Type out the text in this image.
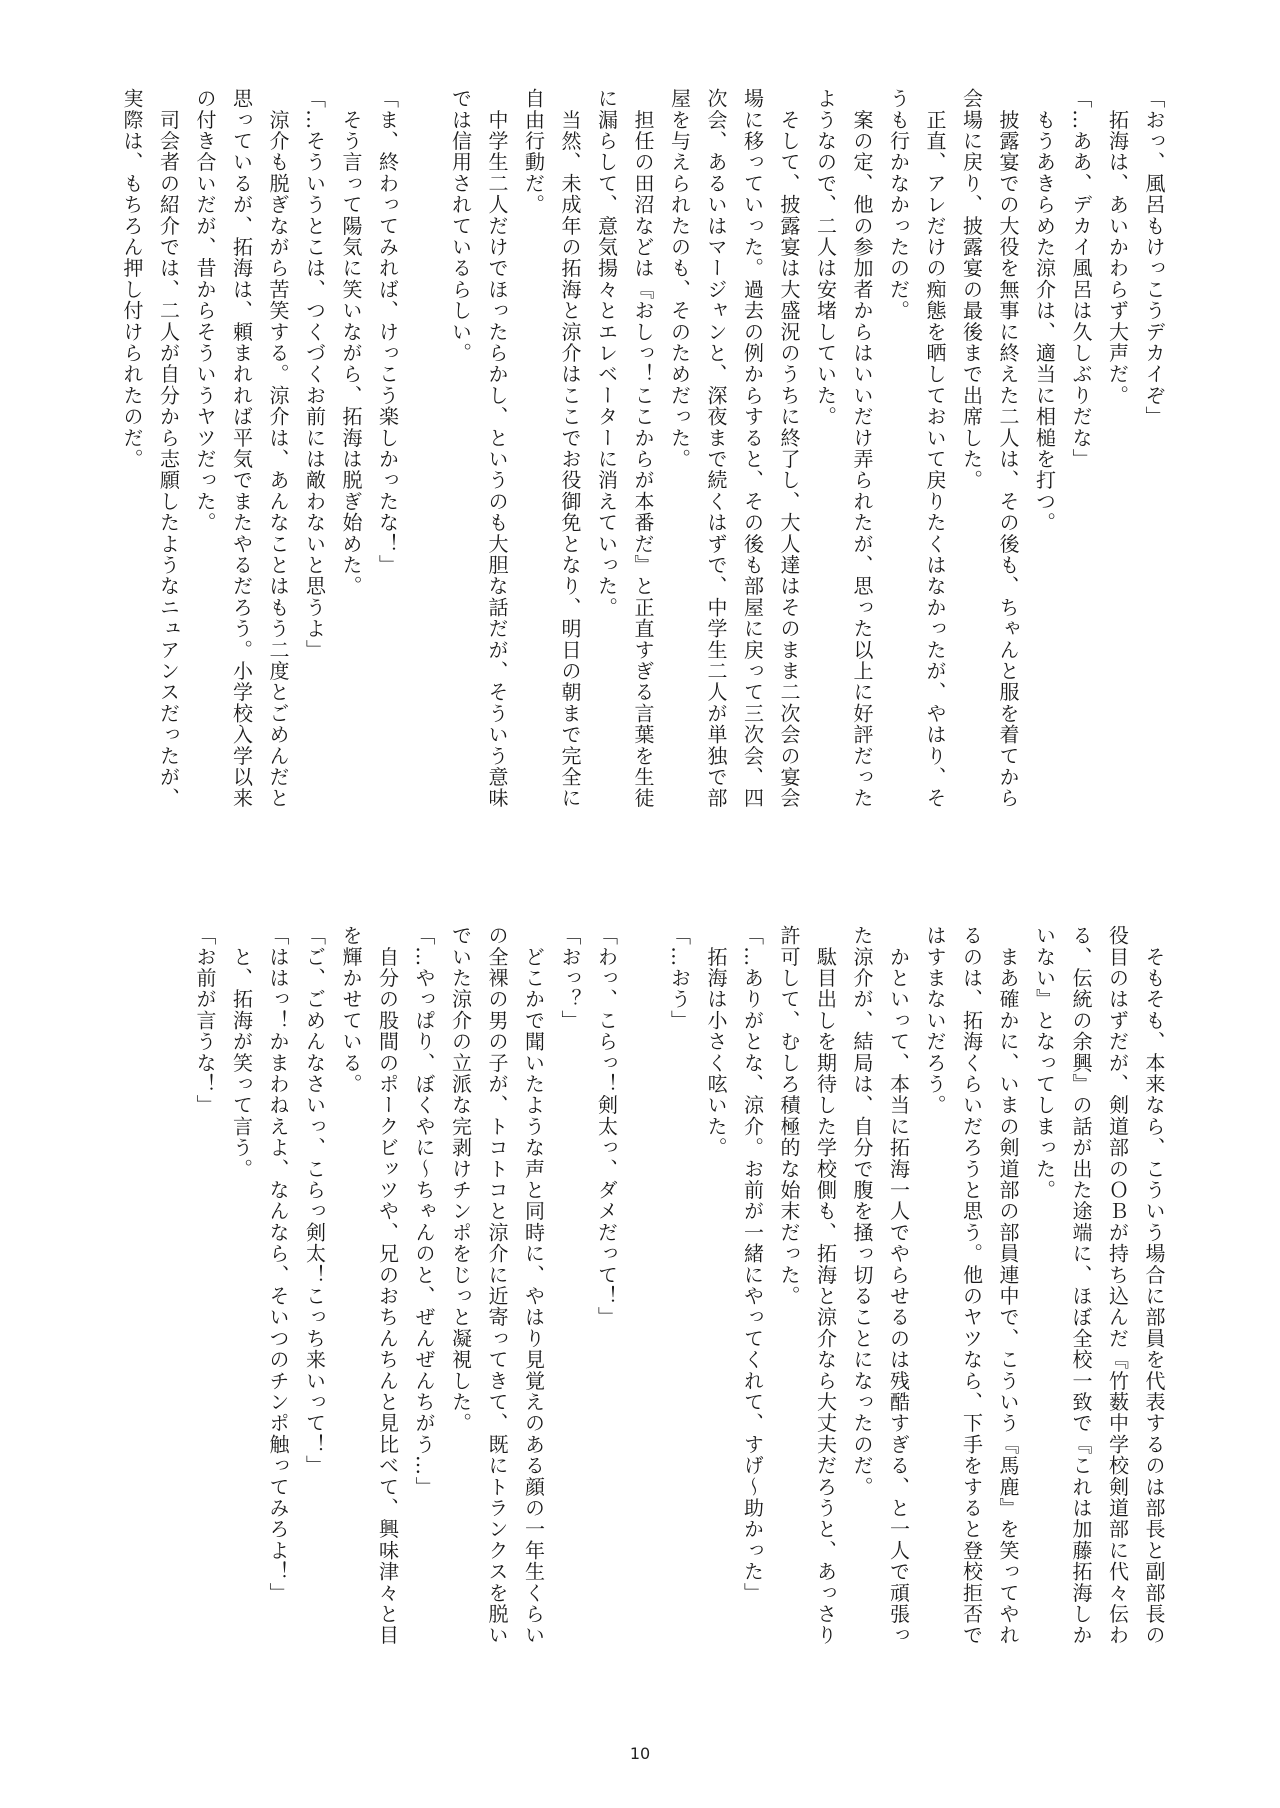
「おっ、風呂もけっこうデカイぞ」
　拓海は、あいかわらず大声だ。
「…ああ、デカイ風呂は久しぶりだな」
　もうあきらめた涼介は、適当に相槌を打つ。
　披露宴での大役を無事に終えた二人は、その後も、ちゃんと服を着てから
会場に戻り、披露宴の最後まで出席した。
　正直、アレだけの痴態を晒しておいて戻りたくはなかったが、やはり、そ
うも行かなかったのだ。
　案の定、他の参加者からはいいだけ弄られたが、思った以上に好評だった
ようなので、二人は安堵していた。
　そして、披露宴は大盛況のうちに終了し、大人達はそのまま二次会の宴会
場に移っていった。過去の例からすると、その後も部屋に戻って三次会、四
次会、あるいはマージャンと、深夜まで続くはずで、中学生二人が単独で部
屋を与えられたのも、そのためだった。
　担任の田沼などは『おしっ！ここからが本番だ』と正直すぎる言葉を生徒
に漏らして、意気揚々とエレベーターに消えていった。
　当然、未成年の拓海と涼介はここでお役御免となり、明日の朝まで完全に
自由行動だ。
　中学生二人だけでほったらかし、というのも大胆な話だが、そういう意味
では信用されているらしい。

「ま、終わってみれば、けっこう楽しかったな！」
　そう言って陽気に笑いながら、拓海は脱ぎ始めた。
「…そういうとこは、つくづくお前には敵わないと思うよ」
　涼介も脱ぎながら苦笑する。涼介は、あんなことはもう二度とごめんだと
思っているが、拓海は、頼まれれば平気でまたやるだろう。小学校入学以来
の付き合いだが、昔からそういうヤツだった。
　司会者の紹介では、二人が自分から志願したようなニュアンスだったが、
実際は、もちろん押し付けられたのだ。
　そもそも、本来なら、こういう場合に部員を代表するのは部長と副部長の
役目のはずだが、剣道部のＯＢが持ち込んだ『竹薮中学校剣道部に代々伝わ
る、伝統の余興』の話が出た途端に、ほぼ全校一致で『これは加藤拓海しか
いない』となってしまった。
　まあ確かに、いまの剣道部の部員連中で、こういう『馬鹿』を笑ってやれ
るのは、拓海くらいだろうと思う。他のヤツなら、下手をすると登校拒否で
はすまないだろう。
　かといって、本当に拓海一人でやらせるのは残酷すぎる、と一人で頑張っ
た涼介が、結局は、自分で腹を掻っ切ることになったのだ。
　駄目出しを期待した学校側も、拓海と涼介なら大丈夫だろうと、あっさり
許可して、むしろ積極的な始末だった。
「…ありがとな、涼介。お前が一緒にやってくれて、すげ～助かった」
　拓海は小さく呟いた。
「…おう」

「わっ、こらっ！剣太っ、ダメだって！」
「おっ？」
　どこかで聞いたような声と同時に、やはり見覚えのある顔の一年生くらい
の全裸の男の子が、トコトコと涼介に近寄ってきて、既にトランクスを脱い
でいた涼介の立派な完剥けチンポをじっと凝視した。
「…やっぱり、ぼくやに～ちゃんのと、ぜんぜんちがう…」
　自分の股間のポークビッツや、兄のおちんちんと見比べて、興味津々と目
を輝かせている。
「ご、ごめんなさいっ、こらっ剣太！こっち来いって！」
「ははっ！かまわねえよ、なんなら、そいつのチンポ触ってみろよ！」
　と、拓海が笑って言う。
「お前が言うな！」
10
